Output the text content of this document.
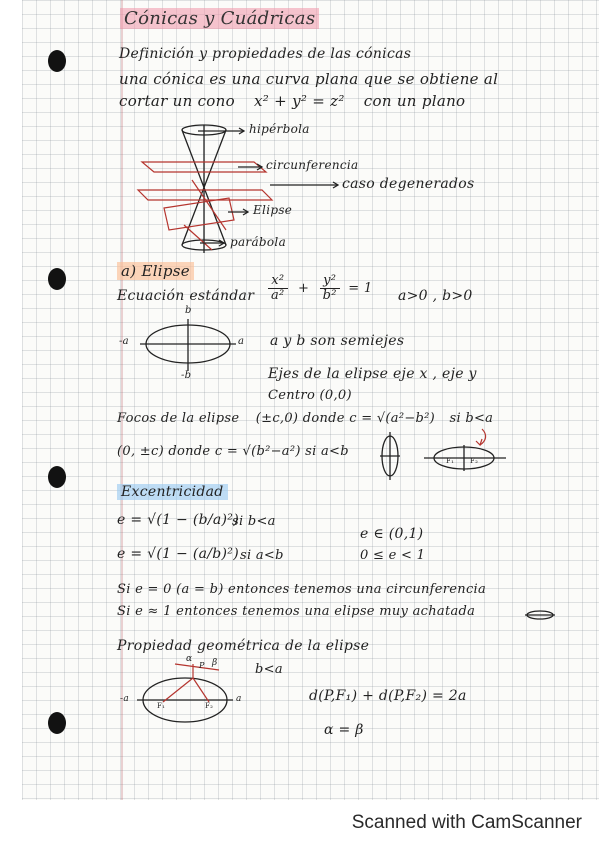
Cónicas y Cuádricas
Definición y propiedades de las cónicas
una cónica es una curva plana que se obtiene al
cortar un cono x² + y² = z² con un plano
hipérbola
circunferencia
caso degenerados
Elipse
parábola
a) Elipse
Ecuación estándar $\frac{\text{x²}}{\text{a²}} + \frac{\text{y²}}{\text{b²}} = 1$ a>0 , b>0
b
-b
-a	a a y b son semiejes
Ejes de la elipse eje x , eje y
Centro (0,0)
Focos de la elipse (±c,0) donde c = √(a²−b²) si b<a
(0, ±c) donde c = √(b²−a²) si a<b
F₁ F₂
Excentricidad
e = √(1 − (b/a)²)
si b<a
e = √(1 − (a/b)²) si a<b
e ∈ (0,1)
0 ≤ e < 1
Si e = 0 (a = b) entonces tenemos una circunferencia
Si e ≈ 1 entonces tenemos una elipse muy achatada
Propiedad geométrica de la elipse
b<a
α β
P
-a	a
F₁	F₂
d(P,F₁) + d(P,F₂) = 2a
α = β
Scanned with CamScanner
